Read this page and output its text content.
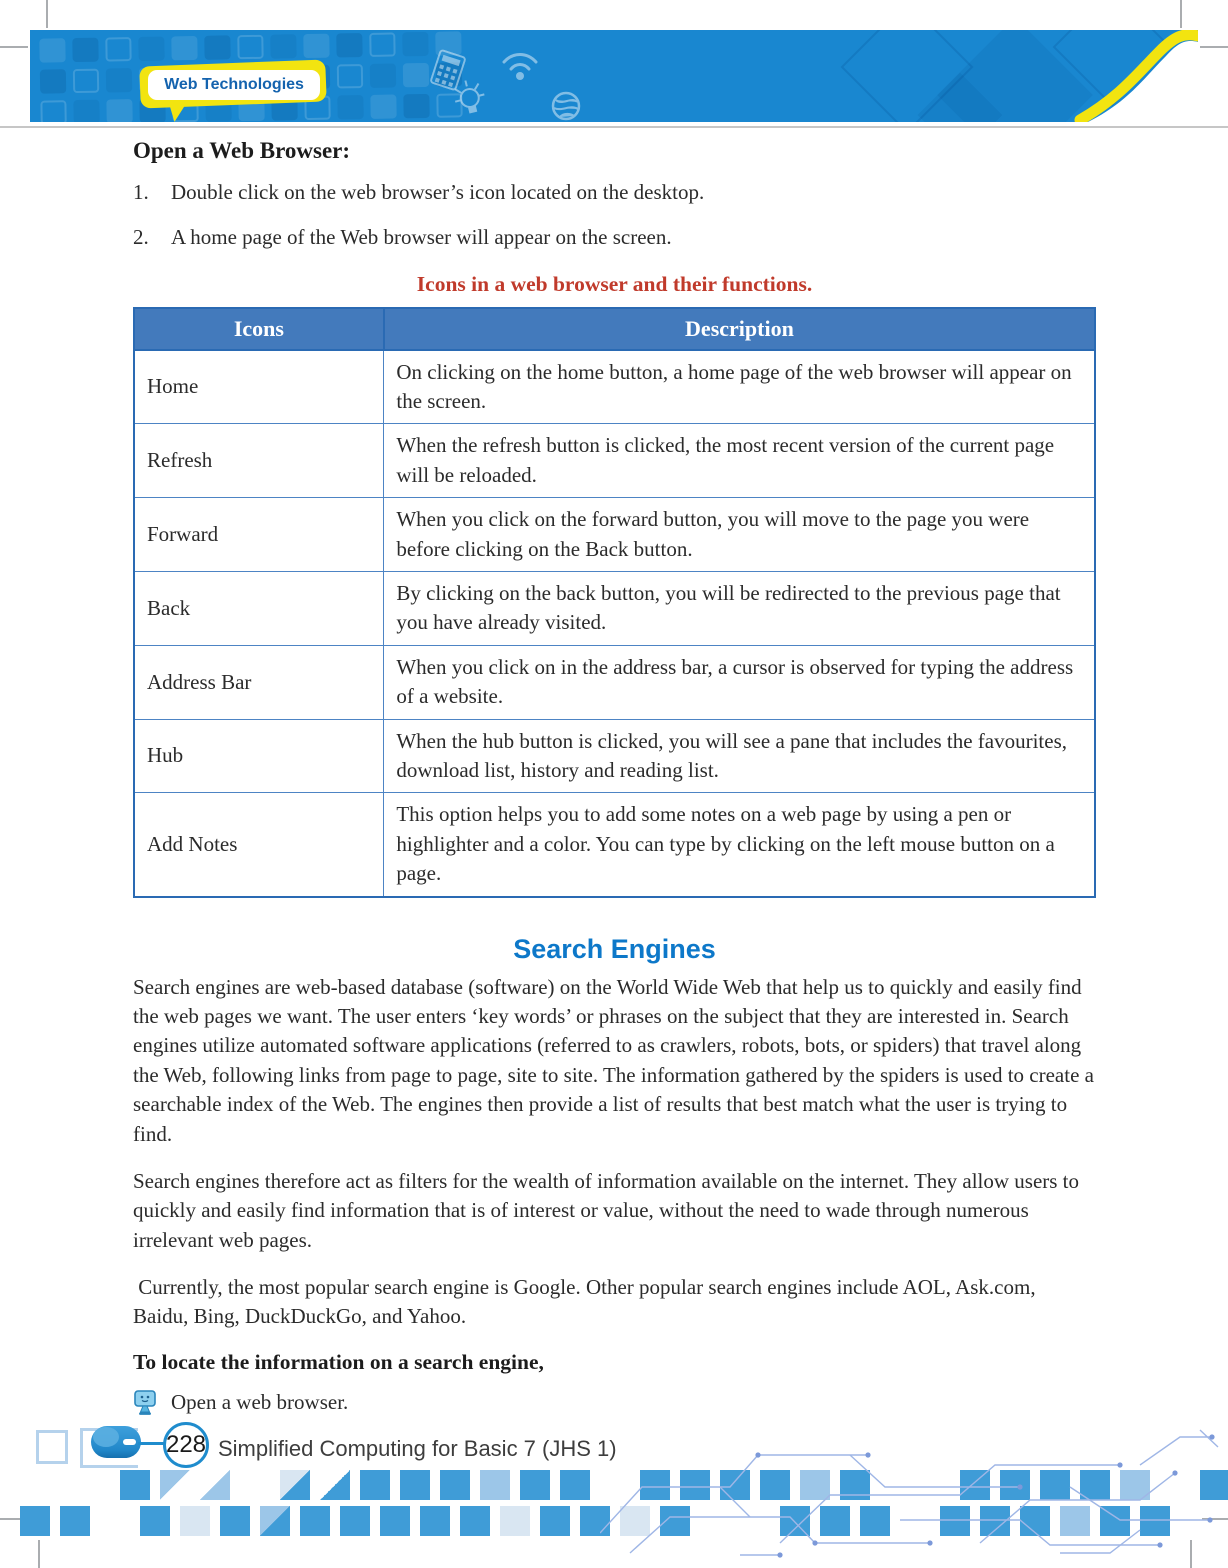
Web Technologies
Open a Web Browser:
1.	Double click on the web browser’s icon located on the desktop.
2.	A home page of the Web browser will appear on the screen.
Icons in a web browser and their functions.
Icons	Description
Home	On clicking on the home button, a home page of the web browser will appear on the screen.
Refresh	When the refresh button is clicked, the most recent version of the current page will be reloaded.
Forward	When you click on the forward button, you will move to the page you were before clicking on the Back button.
Back	By clicking on the back button, you will be redirected to the previous page that you have already visited.
Address Bar	When you click on in the address bar, a cursor is observed for typing the address of a website.
Hub	When the hub button is clicked, you will see a pane that includes the favourites, download list, history and reading list.
Add Notes	This option helps you to add some notes on a web page by using a pen or highlighter and a color. You can type by clicking on the left mouse button on a page.
Search Engines

Search engines are web-based database (software) on the World Wide Web that help us to quickly and easily find the web pages we want. The user enters ‘key words’ or phrases on the subject that they are interested in. Search engines utilize automated software applications (referred to as crawlers, robots, bots, or spiders) that travel along the Web, following links from page to page, site to site. The information gathered by the spiders is used to create a searchable index of the Web. The engines then provide a list of results that best match what the user is trying to find.

Search engines therefore act as filters for the wealth of information available on the internet. They allow users to quickly and easily find information that is of interest or value, without the need to wade through numerous irrelevant web pages.

Currently, the most popular search engine is Google. Other popular search engines include AOL, Ask.com, Baidu, Bing, DuckDuckGo, and Yahoo.

To locate the information on a search engine,
Open a web browser.
228 Simplified Computing for Basic 7 (JHS 1)
